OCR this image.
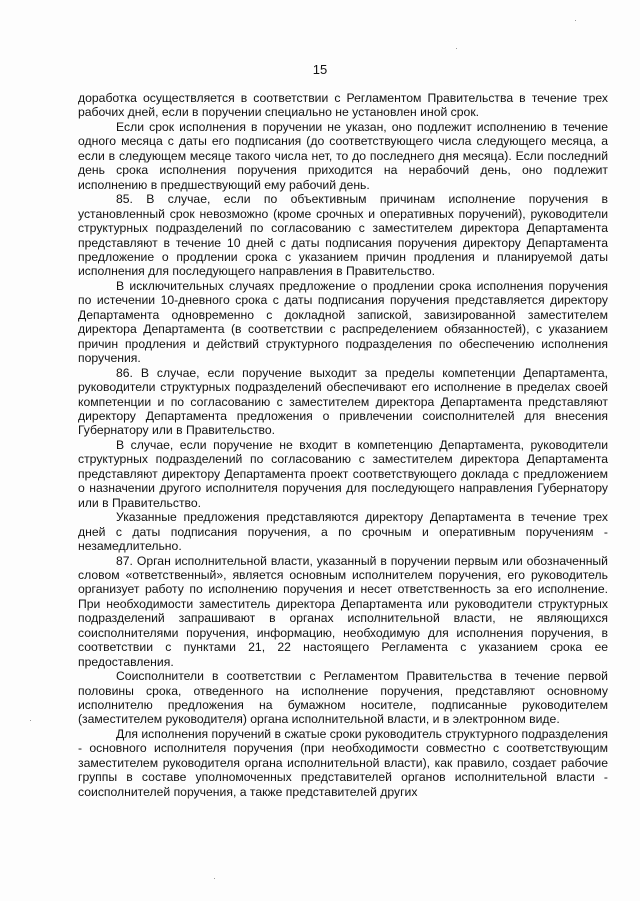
15

доработка осуществляется в соответствии с Регламентом Правительства в течение трех рабочих дней, если в поручении специально не установлен иной срок.

Если срок исполнения в поручении не указан, оно подлежит исполнению в течение одного месяца с даты его подписания (до соответствующего числа следующего месяца, а если в следующем месяце такого числа нет, то до последнего дня месяца). Если последний день срока исполнения поручения приходится на нерабочий день, оно подлежит исполнению в предшествующий ему рабочий день.

85. В случае, если по объективным причинам исполнение поручения в установленный срок невозможно (кроме срочных и оперативных поручений), руководители структурных подразделений по согласованию с заместителем директора Департамента представляют в течение 10 дней с даты подписания поручения директору Департамента предложение о продлении срока с указанием причин продления и планируемой даты исполнения для последующего направления в Правительство.

В исключительных случаях предложение о продлении срока исполнения поручения по истечении 10-дневного срока с даты подписания поручения представляется директору Департамента одновременно с докладной запиской, завизированной заместителем директора Департамента (в соответствии с распределением обязанностей), с указанием причин продления и действий структурного подразделения по обеспечению исполнения поручения.

86. В случае, если поручение выходит за пределы компетенции Департамента, руководители структурных подразделений обеспечивают его исполнение в пределах своей компетенции и по согласованию с заместителем директора Департамента представляют директору Департамента предложения о привлечении соисполнителей для внесения Губернатору или в Правительство.

В случае, если поручение не входит в компетенцию Департамента, руководители структурных подразделений по согласованию с заместителем директора Департамента представляют директору Департамента проект соответствующего доклада с предложением о назначении другого исполнителя поручения для последующего направления Губернатору или в Правительство.

Указанные предложения представляются директору Департамента в течение трех дней с даты подписания поручения, а по срочным и оперативным поручениям - незамедлительно.

87. Орган исполнительной власти, указанный в поручении первым или обозначенный словом «ответственный», является основным исполнителем поручения, его руководитель организует работу по исполнению поручения и несет ответственность за его исполнение. При необходимости заместитель директора Департамента или руководители структурных подразделений запрашивают в органах исполнительной власти, не являющихся соисполнителями поручения, информацию, необходимую для исполнения поручения, в соответствии с пунктами 21, 22 настоящего Регламента с указанием срока ее предоставления.

Соисполнители в соответствии с Регламентом Правительства в течение первой половины срока, отведенного на исполнение поручения, представляют основному исполнителю предложения на бумажном носителе, подписанные руководителем (заместителем руководителя) органа исполнительной власти, и в электронном виде.

Для исполнения поручений в сжатые сроки руководитель структурного подразделения - основного исполнителя поручения (при необходимости совместно с соответствующим заместителем руководителя органа исполнительной власти), как правило, создает рабочие группы в составе уполномоченных представителей органов исполнительной власти - соисполнителей поручения, а также представителей других
